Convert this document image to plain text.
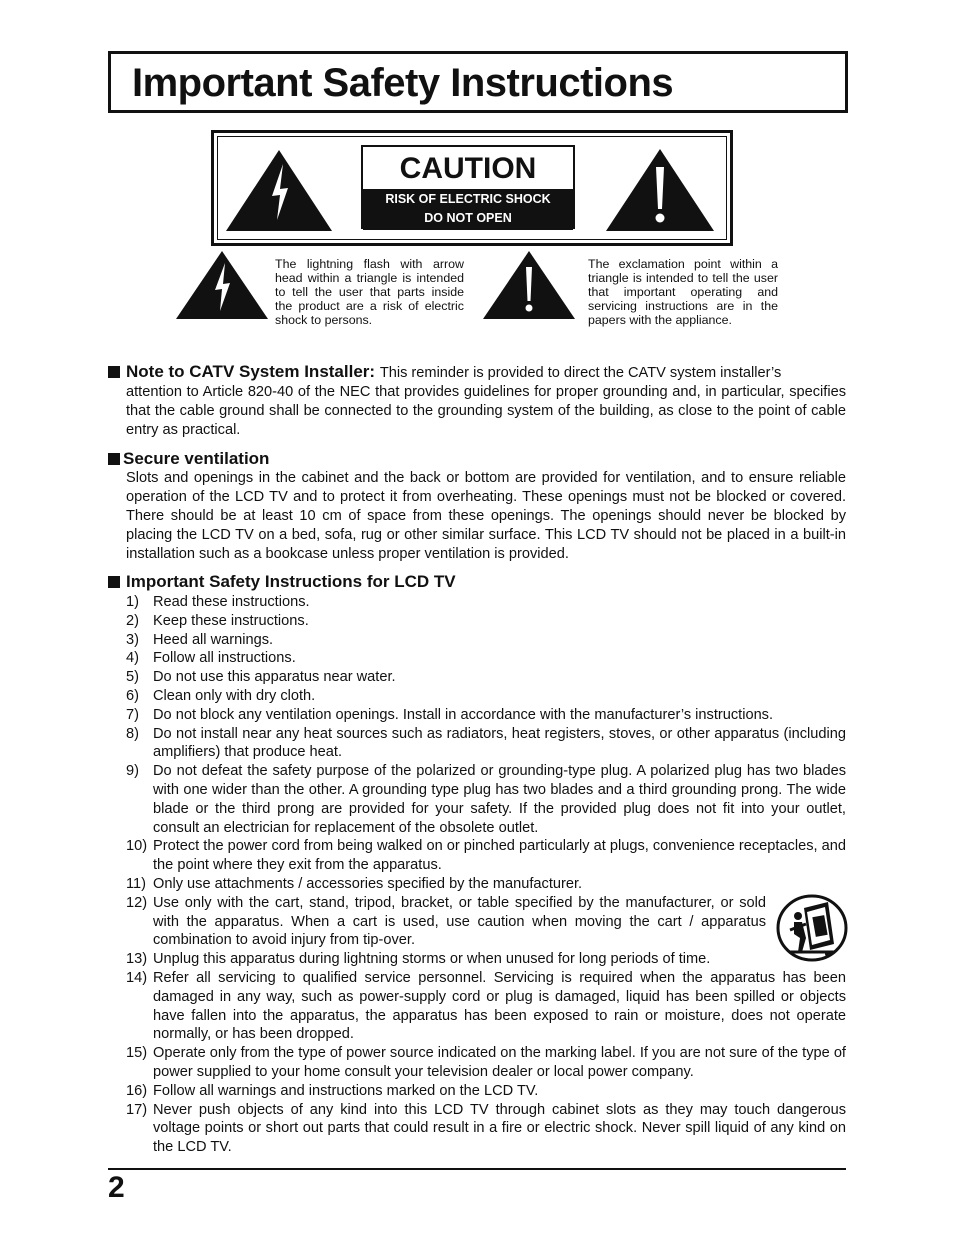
Important Safety Instructions
CAUTION
RISK OF ELECTRIC SHOCK
DO NOT OPEN
The lightning flash with arrow head within a triangle is intended to tell the user that parts inside the product are a risk of electric shock to persons.
The exclamation point within a triangle is intended to tell the user that important operating and servicing instructions are in the papers with the appliance.
Note to CATV System Installer: This reminder is provided to direct the CATV system installer’s
attention to Article 820-40 of the NEC that provides guidelines for proper grounding and, in particular, specifies that the cable ground shall be connected to the grounding system of the building, as close to the point of cable entry as practical.
Secure ventilation
Slots and openings in the cabinet and the back or bottom are provided for ventilation, and to ensure reliable operation of the LCD TV and to protect it from overheating. These openings must not be blocked or covered. There should be at least 10 cm of space from these openings. The openings should never be blocked by placing the LCD TV on a bed, sofa, rug or other similar surface. This LCD TV should not be placed in a built-in installation such as a bookcase unless proper ventilation is provided.
Important Safety Instructions for LCD TV
1) Read these instructions.
2) Keep these instructions.
3) Heed all warnings.
4) Follow all instructions.
5) Do not use this apparatus near water.
6) Clean only with dry cloth.
7) Do not block any ventilation openings. Install in accordance with the manufacturer’s instructions.
8) Do not install near any heat sources such as radiators, heat registers, stoves, or other apparatus (including amplifiers) that produce heat.
9) Do not defeat the safety purpose of the polarized or grounding-type plug. A polarized plug has two blades with one wider than the other. A grounding type plug has two blades and a third grounding prong. The wide blade or the third prong are provided for your safety. If the provided plug does not fit into your outlet, consult an electrician for replacement of the obsolete outlet.
10) Protect the power cord from being walked on or pinched particularly at plugs, convenience receptacles, and the point where they exit from the apparatus.
11) Only use attachments / accessories specified by the manufacturer.
12) Use only with the cart, stand, tripod, bracket, or table specified by the manufacturer, or sold with the apparatus. When a cart is used, use caution when moving the cart / apparatus combination to avoid injury from tip-over.
13) Unplug this apparatus during lightning storms or when unused for long periods of time.
14) Refer all servicing to qualified service personnel. Servicing is required when the apparatus has been damaged in any way, such as power-supply cord or plug is damaged, liquid has been spilled or objects have fallen into the apparatus, the apparatus has been exposed to rain or moisture, does not operate normally, or has been dropped.
15) Operate only from the type of power source indicated on the marking label. If you are not sure of the type of power supplied to your home consult your television dealer or local power company.
16) Follow all warnings and instructions marked on the LCD TV.
17) Never push objects of any kind into this LCD TV through cabinet slots as they may touch dangerous voltage points or short out parts that could result in a fire or electric shock. Never spill liquid of any kind on the LCD TV.
2
